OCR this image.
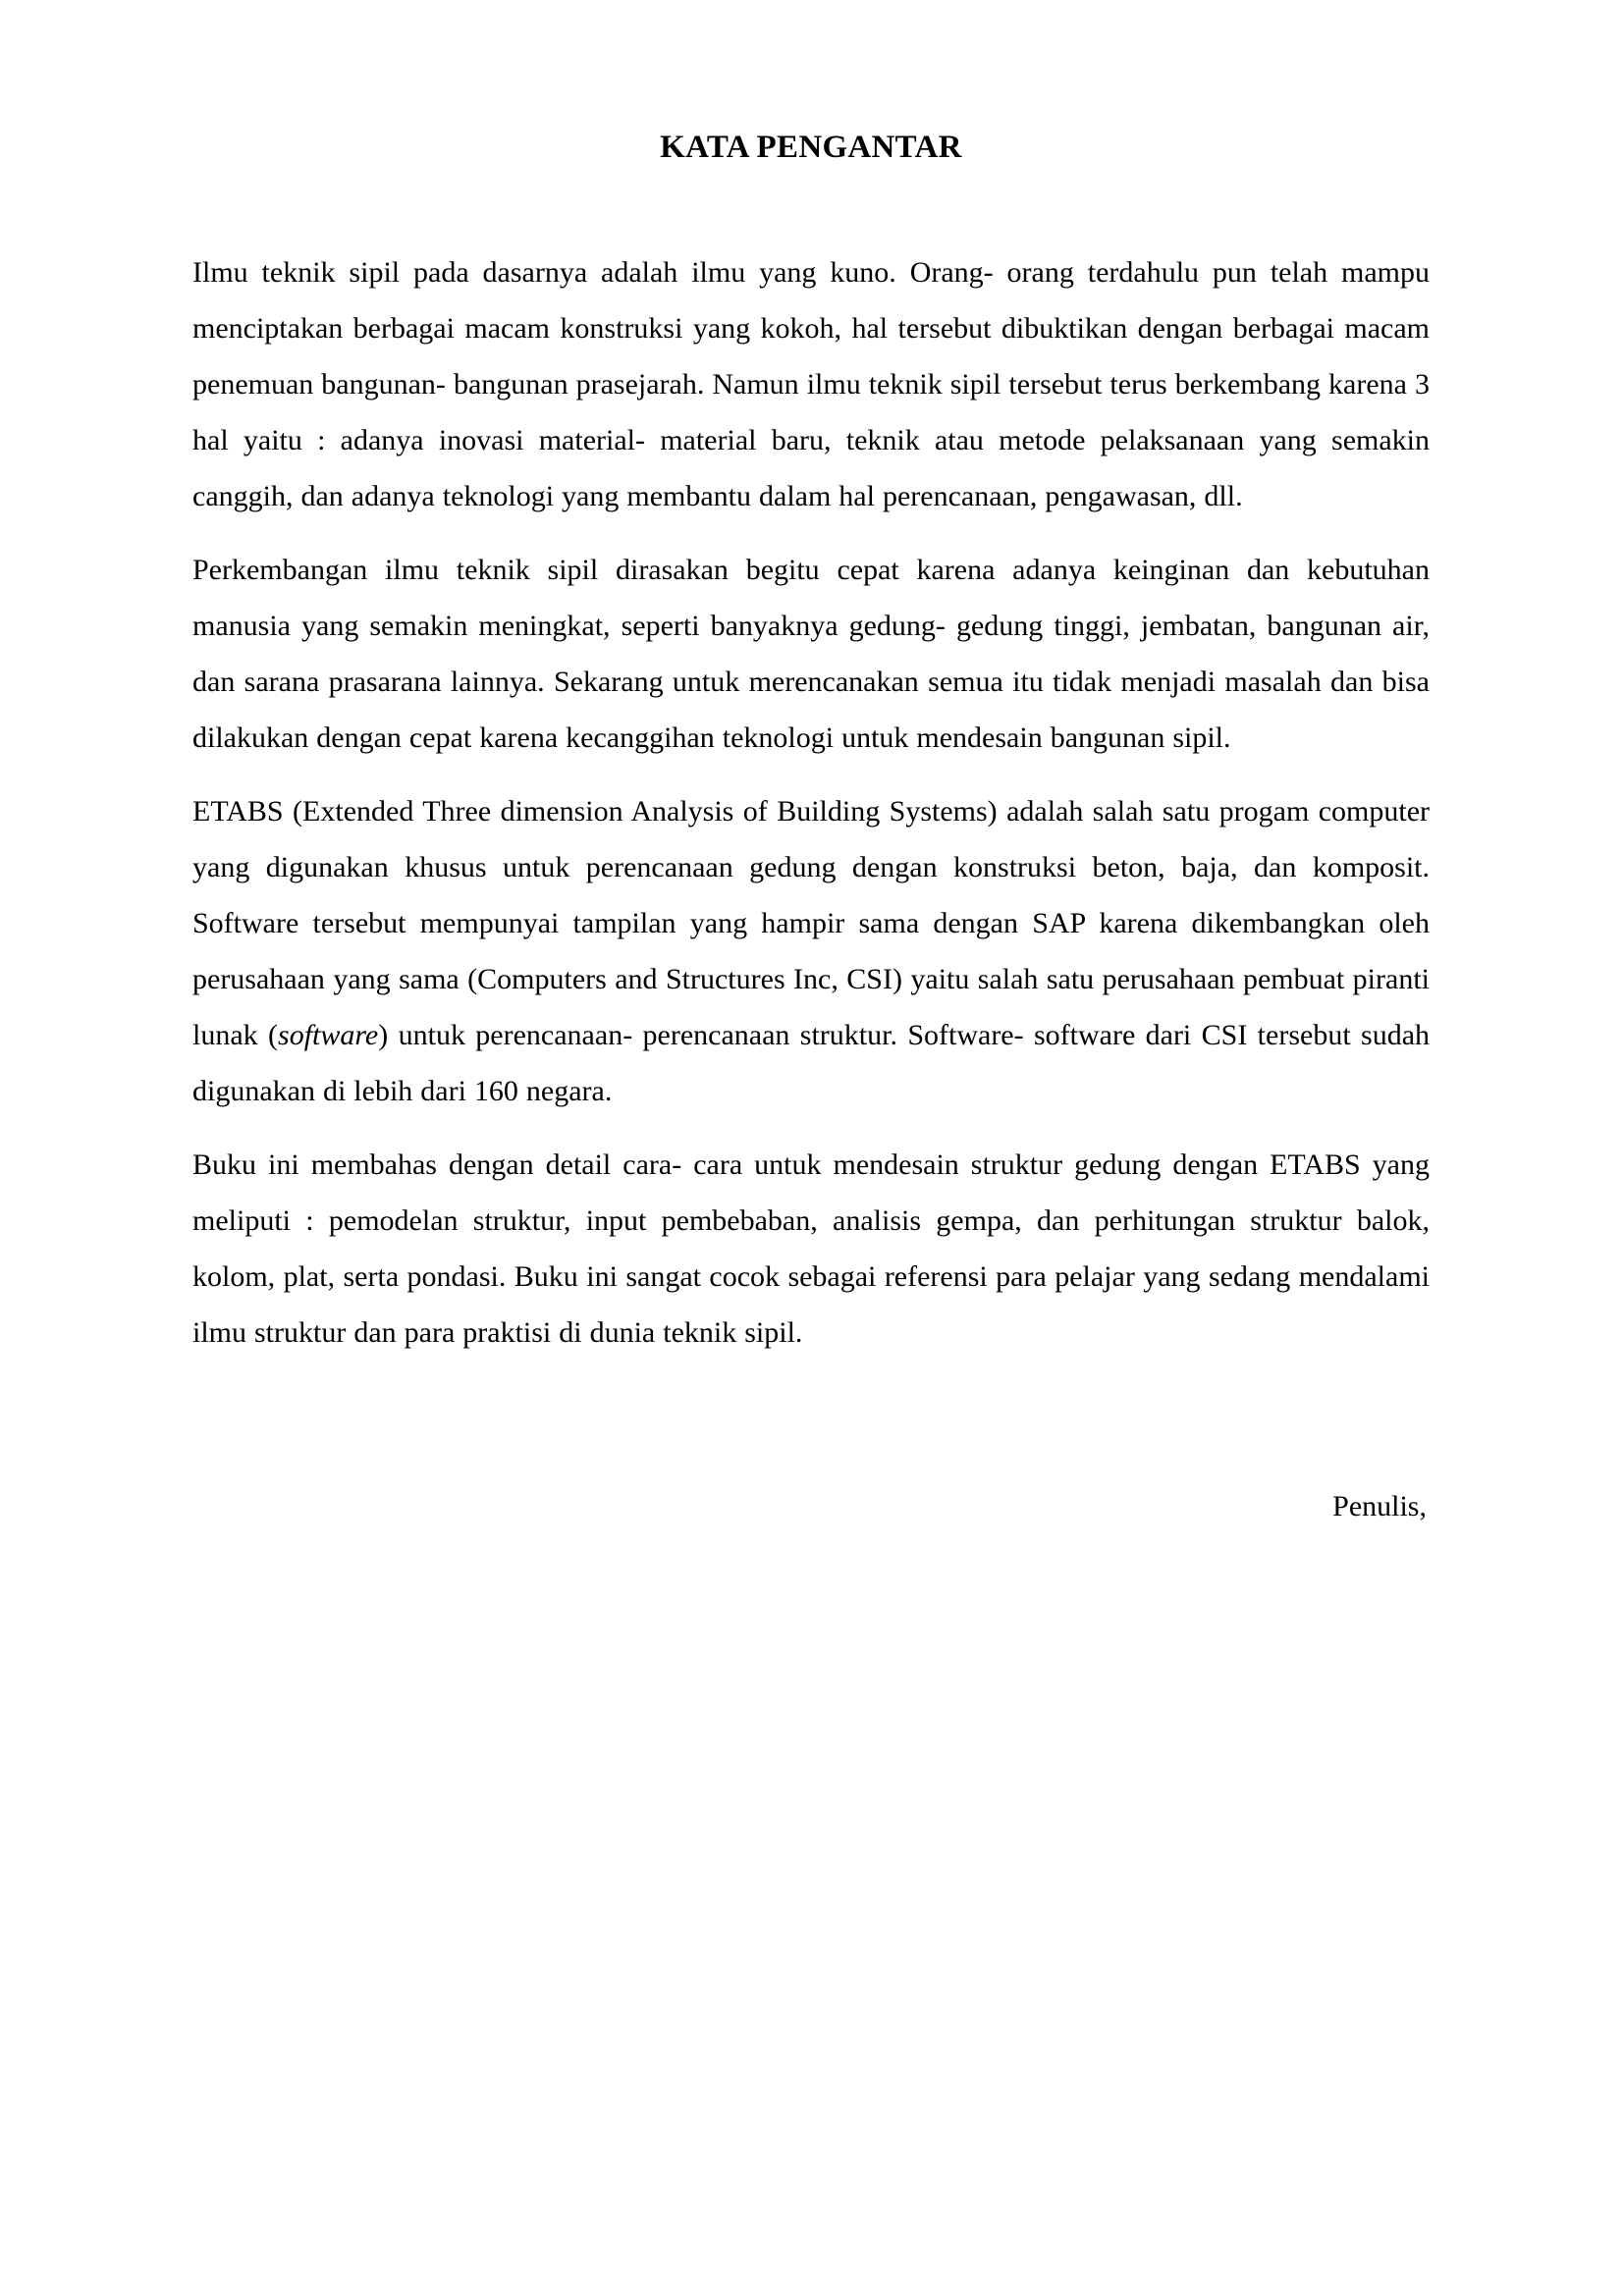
KATA PENGANTAR

Ilmu teknik sipil pada dasarnya adalah ilmu yang kuno. Orang- orang terdahulu pun telah mampu menciptakan berbagai macam konstruksi yang kokoh, hal tersebut dibuktikan dengan berbagai macam penemuan bangunan- bangunan prasejarah. Namun ilmu teknik sipil tersebut terus berkembang karena 3 hal yaitu : adanya inovasi material- material baru, teknik atau metode pelaksanaan yang semakin canggih, dan adanya teknologi yang membantu dalam hal perencanaan, pengawasan, dll.

Perkembangan ilmu teknik sipil dirasakan begitu cepat karena adanya keinginan dan kebutuhan manusia yang semakin meningkat, seperti banyaknya gedung- gedung tinggi, jembatan, bangunan air, dan sarana prasarana lainnya. Sekarang untuk merencanakan semua itu tidak menjadi masalah dan bisa dilakukan dengan cepat karena kecanggihan teknologi untuk mendesain bangunan sipil.

ETABS (Extended Three dimension Analysis of Building Systems) adalah salah satu progam computer yang digunakan khusus untuk perencanaan gedung dengan konstruksi beton, baja, dan komposit. Software tersebut mempunyai tampilan yang hampir sama dengan SAP karena dikembangkan oleh perusahaan yang sama (Computers and Structures Inc, CSI) yaitu salah satu perusahaan pembuat piranti lunak (software) untuk perencanaan- perencanaan struktur. Software- software dari CSI tersebut sudah digunakan di lebih dari 160 negara.

Buku ini membahas dengan detail cara- cara untuk mendesain struktur gedung dengan ETABS yang meliputi : pemodelan struktur, input pembebaban, analisis gempa, dan perhitungan struktur balok, kolom, plat, serta pondasi. Buku ini sangat cocok sebagai referensi para pelajar yang sedang mendalami ilmu struktur dan para praktisi di dunia teknik sipil.

Penulis,
